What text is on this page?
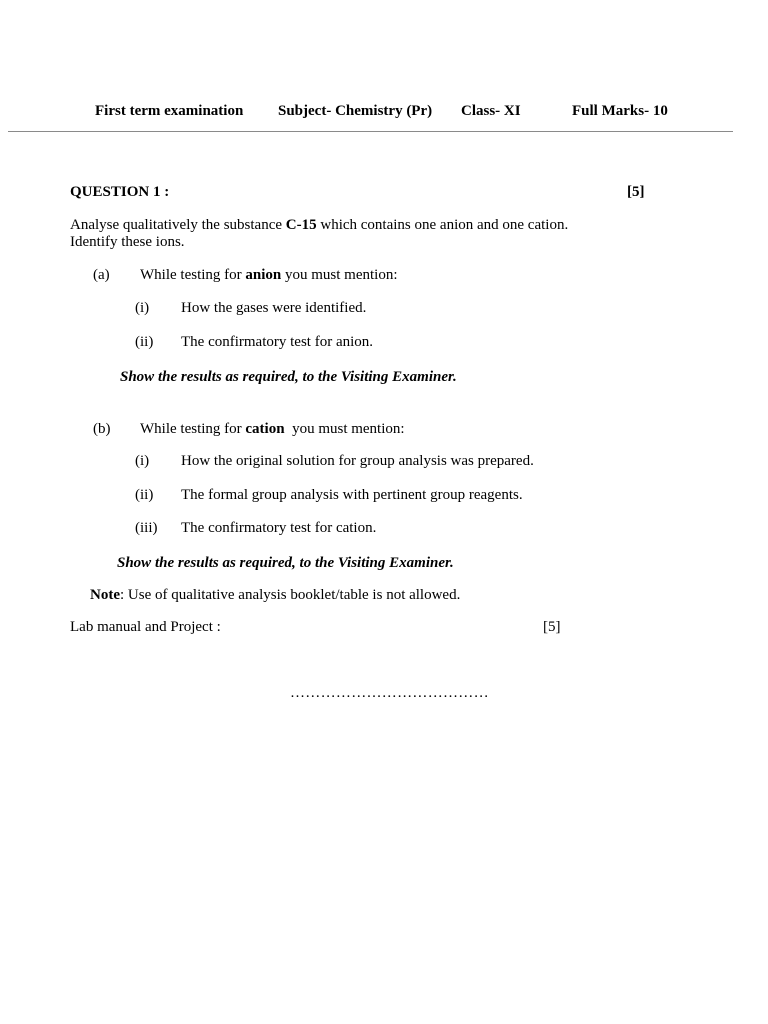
First term examination Subject- Chemistry (Pr) Class- XI	Full Marks- 10
QUESTION 1 :	[5]
Analyse qualitatively the substance C-15 which contains one anion and one cation.
Identify these ions.
(a) While testing for anion you must mention:
(i) How the gases were identified.
(ii) The confirmatory test for anion.
Show the results as required, to the Visiting Examiner.
(b) While testing for cation  you must mention:
(i) How the original solution for group analysis was prepared.
(ii) The formal group analysis with pertinent group reagents.
(iii) The confirmatory test for cation.
Show the results as required, to the Visiting Examiner.
Note: Use of qualitative analysis booklet/table is not allowed.
Lab manual and Project :	[5]
…………………………………
